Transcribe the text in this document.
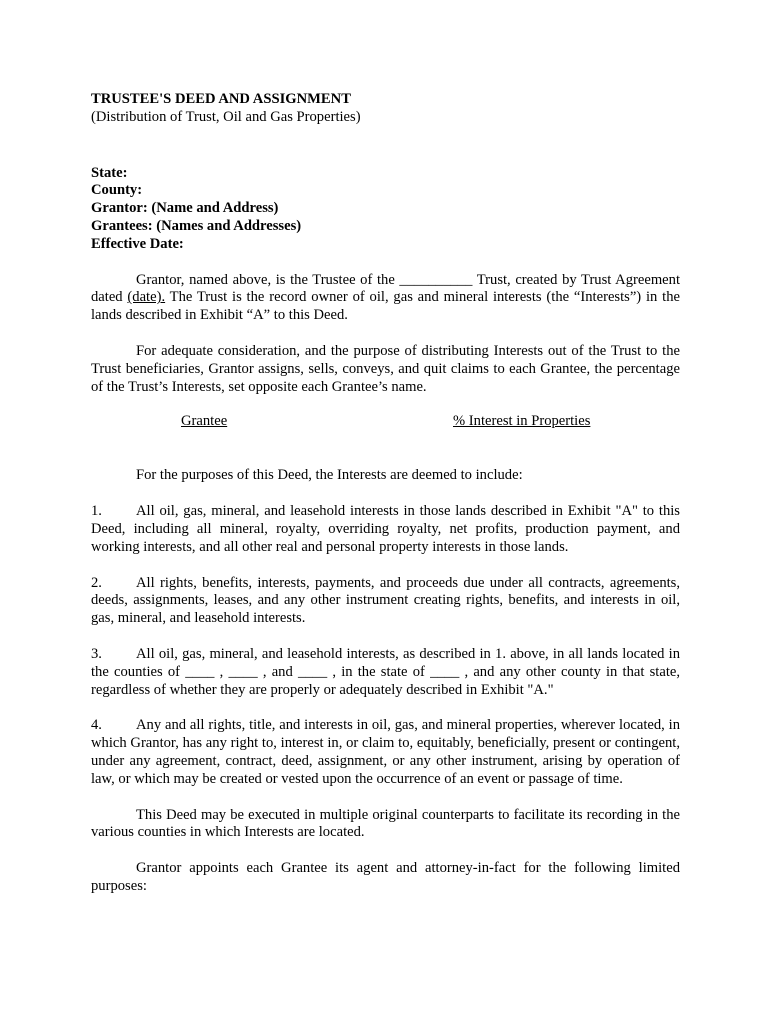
TRUSTEE'S DEED AND ASSIGNMENT

(Distribution of Trust, Oil and Gas Properties)

State:
County:
Grantor: (Name and Address)
Grantees: (Names and Addresses)
Effective Date:

Grantor, named above, is the Trustee of the __________ Trust, created by Trust Agreement dated (date). The Trust is the record owner of oil, gas and mineral interests (the “Interests”) in the lands described in Exhibit “A” to this Deed.

For adequate consideration, and the purpose of distributing Interests out of the Trust to the Trust beneficiaries, Grantor assigns, sells, conveys, and quit claims to each Grantee, the percentage of the Trust’s Interests, set opposite each Grantee’s name.

Grantee	% Interest in Properties

For the purposes of this Deed, the Interests are deemed to include:

1. All oil, gas, mineral, and leasehold interests in those lands described in Exhibit "A" to this Deed, including all mineral, royalty, overriding royalty, net profits, production payment, and working interests, and all other real and personal property interests in those lands.

2. All rights, benefits, interests, payments, and proceeds due under all contracts, agreements, deeds, assignments, leases, and any other instrument creating rights, benefits, and interests in oil, gas, mineral, and leasehold interests.

3. All oil, gas, mineral, and leasehold interests, as described in 1. above, in all lands located in the counties of ____ , ____ , and ____ , in the state of ____ , and any other county in that state, regardless of whether they are properly or adequately described in Exhibit "A."

4. Any and all rights, title, and interests in oil, gas, and mineral properties, wherever located, in which Grantor, has any right to, interest in, or claim to, equitably, beneficially, present or contingent, under any agreement, contract, deed, assignment, or any other instrument, arising by operation of law, or which may be created or vested upon the occurrence of an event or passage of time.

This Deed may be executed in multiple original counterparts to facilitate its recording in the various counties in which Interests are located.

Grantor appoints each Grantee its agent and attorney-in-fact for the following limited purposes:
